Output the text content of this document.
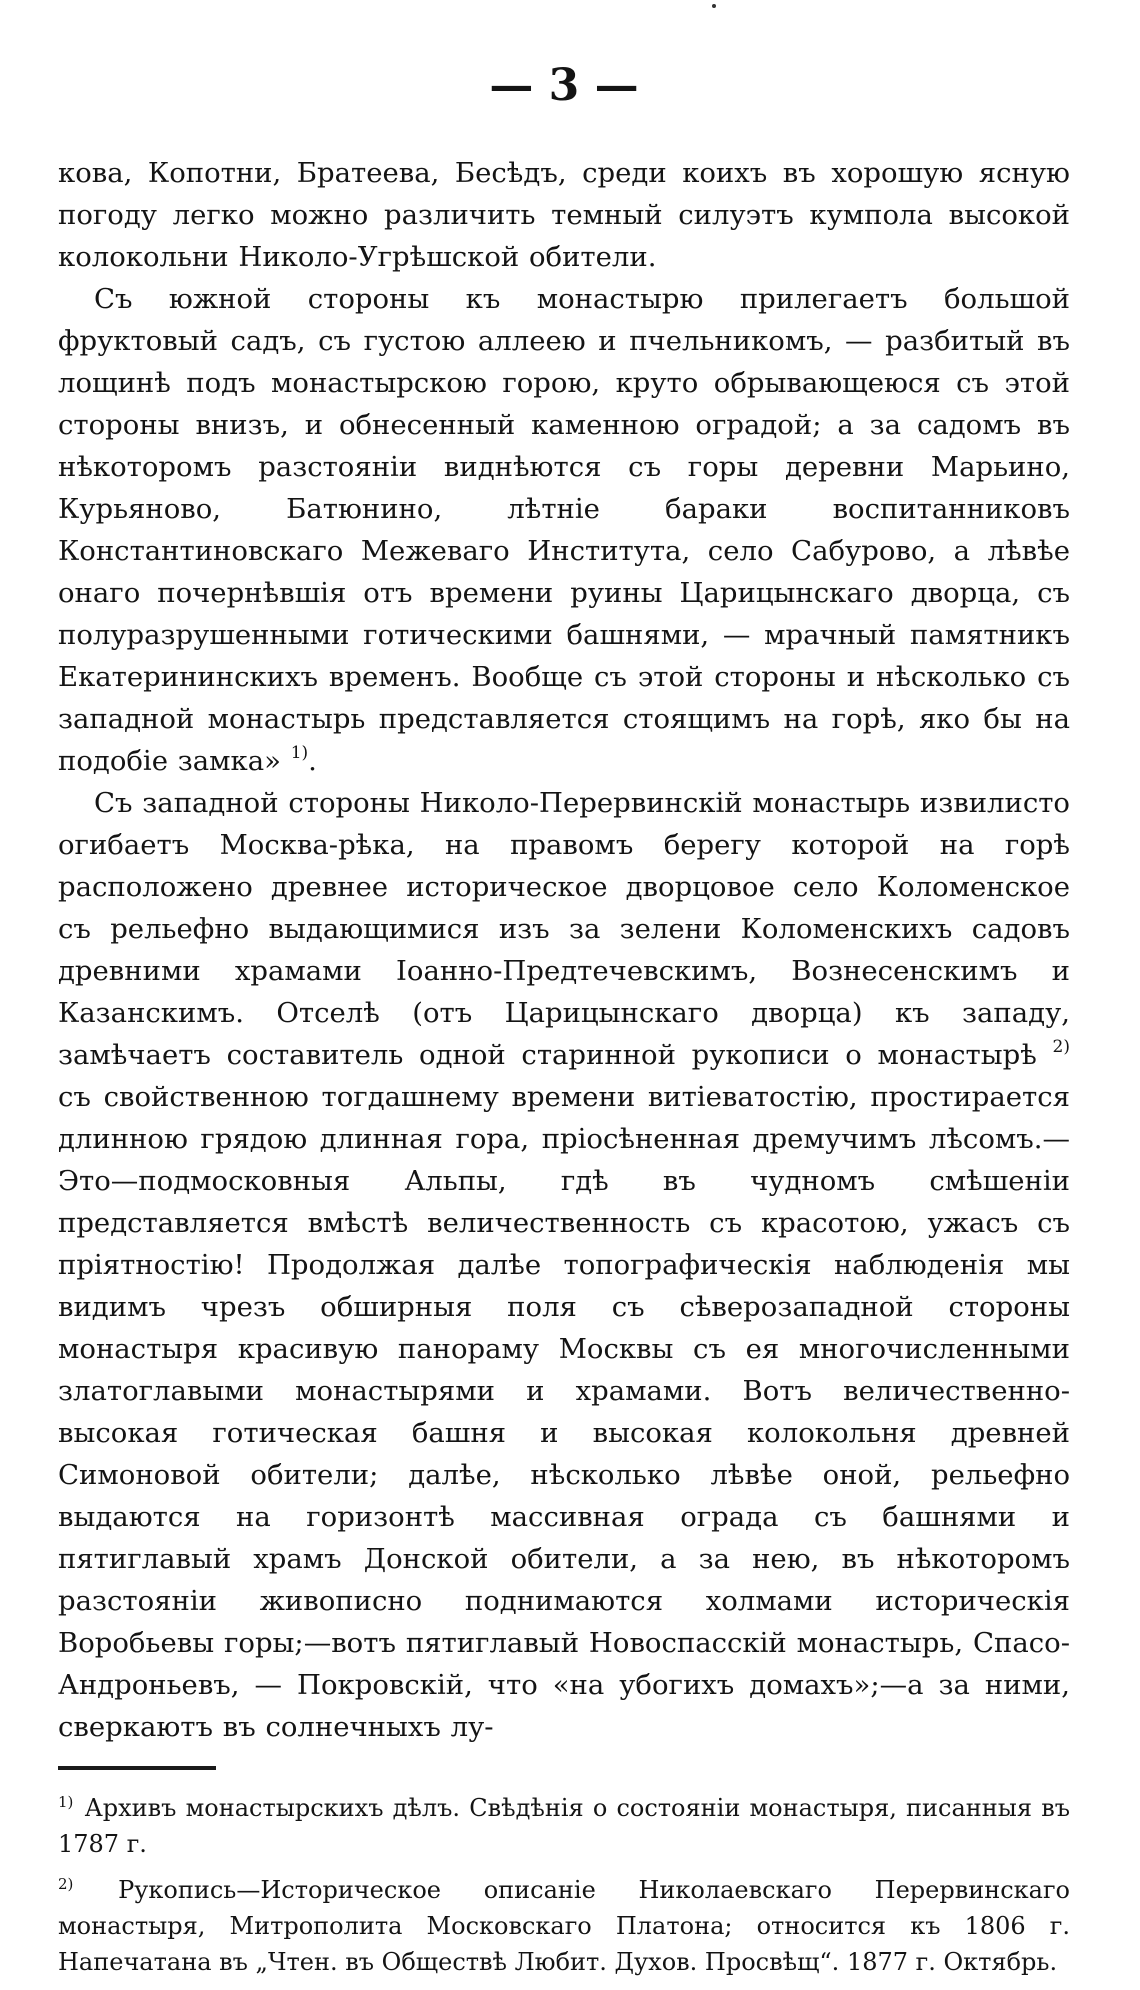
— 3 —

кова, Копотни, Братеева, Бесѣдъ, среди коихъ въ хорошую ясную погоду легко можно различить темный силуэтъ кумпола высокой колокольни Николо-Угрѣшской обители.

Съ южной стороны къ монастырю прилегаетъ большой фруктовый садъ, съ густою аллеею и пчельникомъ, — разбитый въ лощинѣ подъ монастырскою горою, круто обрывающеюся съ этой стороны внизъ, и обнесенный каменною оградой; а за садомъ въ нѣкоторомъ разстояніи виднѣются съ горы деревни Марьино, Курьяново, Батюнино, лѣтніе бараки воспитанниковъ Константиновскаго Межеваго Института, село Сабурово, а лѣвѣе онаго почернѣвшія отъ времени руины Царицынскаго дворца, съ полуразрушенными готическими башнями, — мрачный памятникъ Екатерининскихъ временъ. Вообще съ этой стороны и нѣсколько съ западной монастырь представляется стоящимъ на горѣ, яко бы на подобіе замка» $^{1)}$.

Съ западной стороны Николо-Перервинскій монастырь извилисто огибаетъ Москва-рѣка, на правомъ берегу которой на горѣ расположено древнее историческое дворцовое село Коломенское съ рельефно выдающимися изъ за зелени Коломенскихъ садовъ древними храмами Іоанно-Предтечевскимъ, Вознесенскимъ и Казанскимъ. Отселѣ (отъ Царицынскаго дворца) къ западу, замѣчаетъ составитель одной старинной рукописи о монастырѣ $^{2)}$ съ свойственною тогдашнему времени витіеватостію, простирается длинною грядою длинная гора, пріосѣненная дремучимъ лѣсомъ.—Это—подмосковныя Альпы, гдѣ въ чудномъ смѣшеніи представляется вмѣстѣ величественность съ красотою, ужасъ съ пріятностію! Продолжая далѣе топографическія наблюденія мы видимъ чрезъ обширныя поля съ сѣверозападной стороны монастыря красивую панораму Москвы съ ея многочисленными златоглавыми монастырями и храмами. Вотъ величественно-высокая готическая башня и высокая колокольня древней Симоновой обители; далѣе, нѣсколько лѣвѣе оной, рельефно выдаются на горизонтѣ массивная ограда съ башнями и пятиглавый храмъ Донской обители, а за нею, въ нѣкоторомъ разстояніи живописно поднимаются холмами историческія Воробьевы горы;—вотъ пятиглавый Новоспасскій монастырь, Спасо-Андроньевъ, — Покровскій, что «на убогихъ домахъ»;—а за ними, сверкаютъ въ солнечныхъ лу-

$^{1)}$ Архивъ монастырскихъ дѣлъ. Свѣдѣнія о состояніи монастыря, писанныя въ 1787 г.

$^{2)}$ Рукопись—Историческое описаніе Николаевскаго Перервинскаго монастыря, Митрополита Московскаго Платона; относится къ 1806 г. Напечатана въ „Чтен. въ Обществѣ Любит. Духов. Просвѣщ“. 1877 г. Октябрь.
